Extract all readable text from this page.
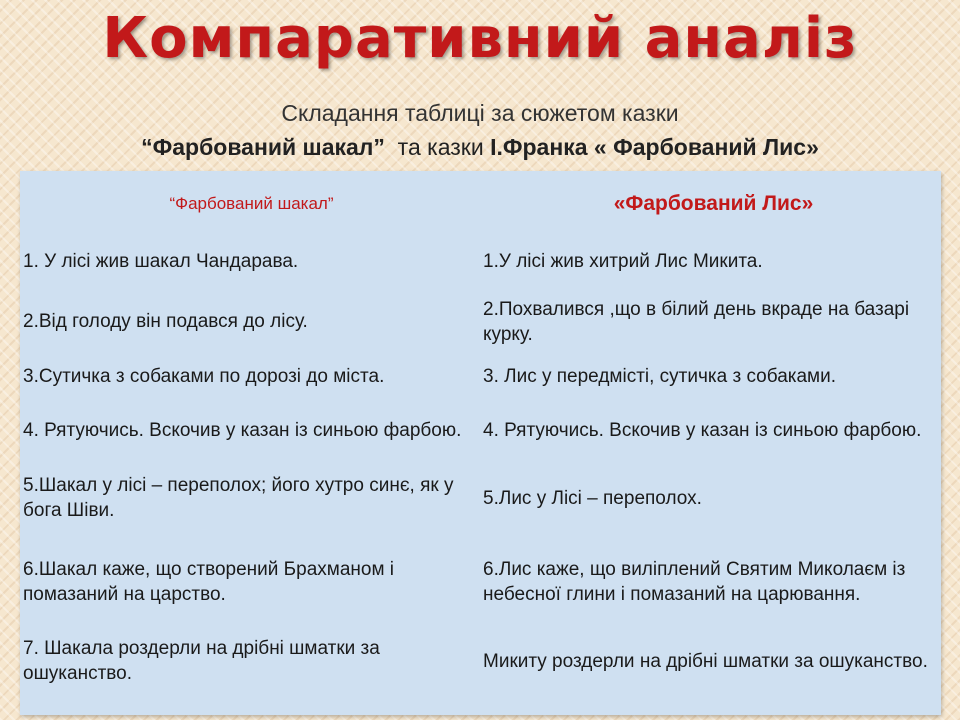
Компаративний аналіз
Складання таблиці за сюжетом казки
“Фарбований шакал”  та казки І.Франка « Фарбований Лис»
“Фарбований шакал”	«Фарбований Лис»
1. У лісі жив шакал Чандарава.	1.У лісі жив хитрий Лис Микита.
2.Від голоду він подався до лісу.	2.Похвалився ,що в білий день вкраде на базарі курку.
3.Сутичка з собаками по дорозі до міста.	3. Лис у передмісті, сутичка з собаками.
4. Рятуючись. Вскочив у казан із синьою фарбою.	4. Рятуючись. Вскочив у казан із синьою фарбою.
5.Шакал у лісі – переполох; його хутро синє, як у бога Шіви.	5.Лис у Лісі – переполох.
6.Шакал каже, що створений Брахманом і помазаний на царство.	6.Лис каже, що виліплений Святим Миколаєм із небесної глини і помазаний на царювання.
7. Шакала роздерли на дрібні шматки за ошуканство.	Микиту роздерли на дрібні шматки за ошуканство.
